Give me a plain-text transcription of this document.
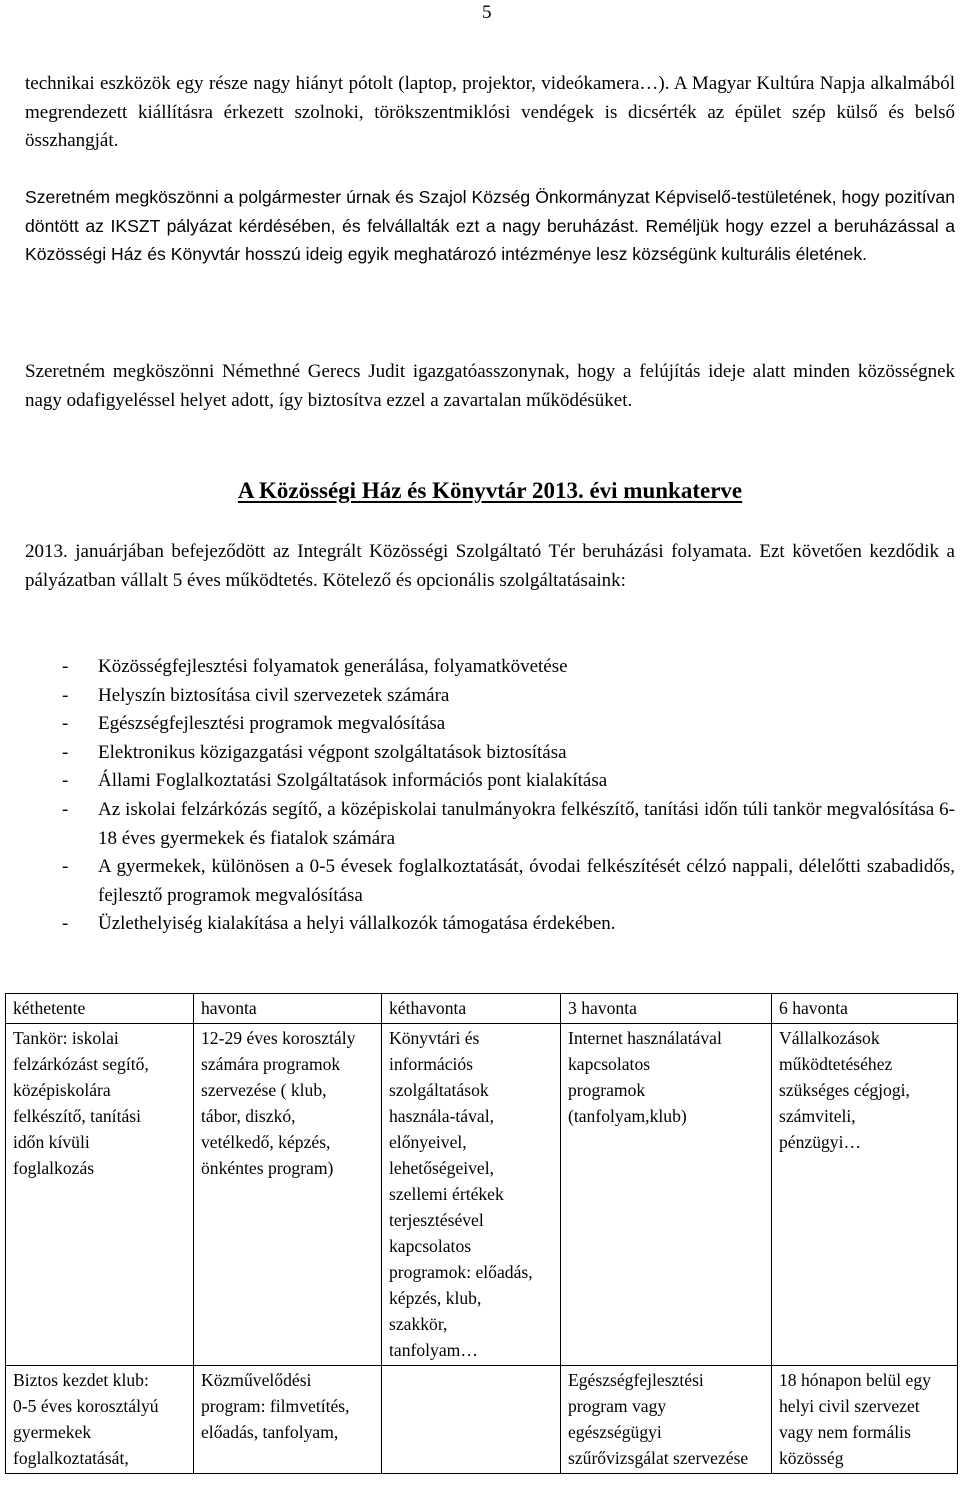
5

technikai eszközök egy része nagy hiányt pótolt (laptop, projektor, videókamera…). A Magyar Kultúra Napja alkalmából megrendezett kiállításra érkezett szolnoki, törökszentmiklósi vendégek is dicsérték az épület szép külső és belső összhangját.

Szeretném megköszönni a polgármester úrnak és Szajol Község Önkormányzat Képviselő-testületének, hogy pozitívan döntött az IKSZT pályázat kérdésében, és felvállalták ezt a nagy beruházást. Reméljük hogy ezzel a beruházással a Közösségi Ház és Könyvtár hosszú ideig egyik meghatározó intézménye lesz községünk kulturális életének.

Szeretném megköszönni Némethné Gerecs Judit igazgatóasszonynak, hogy a felújítás ideje alatt minden közösségnek nagy odafigyeléssel helyet adott, így biztosítva ezzel a zavartalan működésüket.

A Közösségi Ház és Könyvtár 2013. évi munkaterve

2013. januárjában befejeződött az Integrált Közösségi Szolgáltató Tér beruházási folyamata. Ezt követően kezdődik a pályázatban vállalt 5 éves működtetés. Kötelező és opcionális szolgáltatásaink:

- Közösségfejlesztési folyamatok generálása, folyamatkövetése
- Helyszín biztosítása civil szervezetek számára
- Egészségfejlesztési programok megvalósítása
- Elektronikus közigazgatási végpont szolgáltatások biztosítása
- Állami Foglalkoztatási Szolgáltatások információs pont kialakítása
- Az iskolai felzárkózás segítő, a középiskolai tanulmányokra felkészítő, tanítási időn túli tankör megvalósítása 6-18 éves gyermekek és fiatalok számára
- A gyermekek, különösen a 0-5 évesek foglalkoztatását, óvodai felkészítését célzó nappali, délelőtti szabadidős, fejlesztő programok megvalósítása
- Üzlethelyiség kialakítása a helyi vállalkozók támogatása érdekében.
kéthetente	havonta	kéthavonta	3 havonta	6 havonta

Tankör: iskolai felzárkózást segítő, középiskolára felkészítő, tanítási időn kívüli foglalkozás	12-29 éves korosztály számára programok szervezése ( klub, tábor, diszkó, vetélkedő, képzés, önkéntes program)	Könyvtári és információs szolgáltatások használa-tával, előnyeivel, lehetőségeivel, szellemi értékek terjesztésével kapcsolatos programok: előadás, képzés, klub, szakkör, tanfolyam…	Internet használatával kapcsolatos programok (tanfolyam,klub)	Vállalkozások működtetéséhez szükséges cégjogi, számviteli, pénzügyi…

Biztos kezdet klub: 0-5 éves korosztályú gyermekek foglalkoztatását,	Közművelődési program: filmvetítés, előadás, tanfolyam,		Egészségfejlesztési program vagy egészségügyi szűrővizsgálat szervezése	18 hónapon belül egy helyi civil szervezet vagy nem formális közösség
